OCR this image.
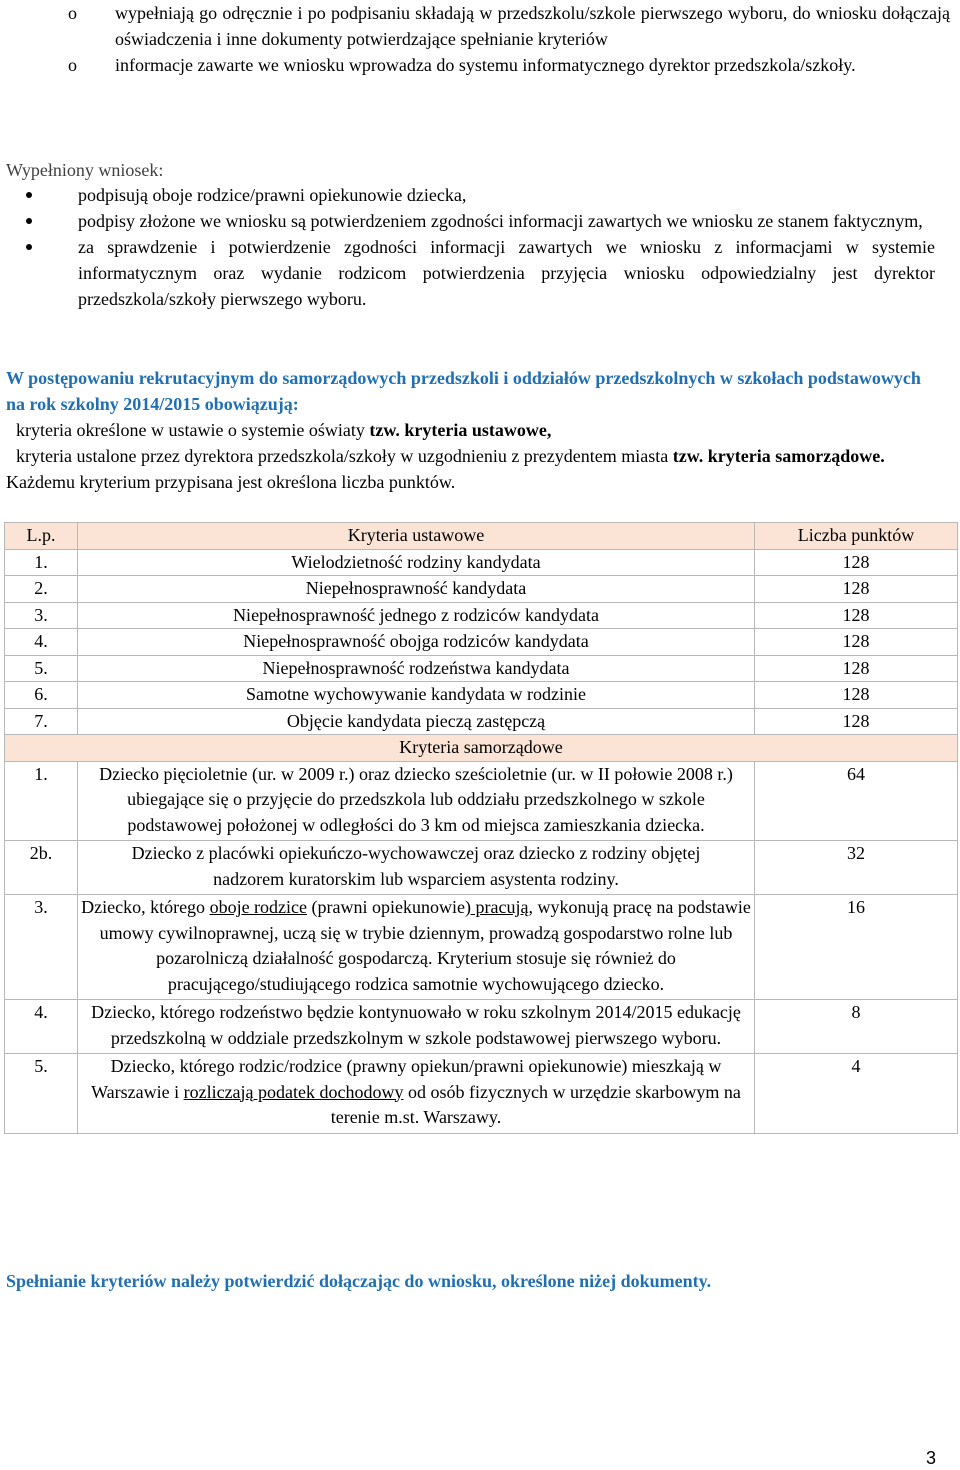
o	wypełniają go odręcznie i po podpisaniu składają w przedszkolu/szkole pierwszego wyboru, do wniosku dołączają oświadczenia i inne dokumenty potwierdzające spełnianie kryteriów
o	informacje zawarte we wniosku wprowadza do systemu informatycznego dyrektor przedszkola/szkoły.
Wypełniony wniosek:
podpisują oboje rodzice/prawni opiekunowie dziecka,
podpisy złożone we wniosku są potwierdzeniem zgodności informacji zawartych we wniosku ze stanem faktycznym,
za sprawdzenie i potwierdzenie zgodności informacji zawartych we wniosku z informacjami w systemie informatycznym oraz wydanie rodzicom potwierdzenia przyjęcia wniosku odpowiedzialny jest dyrektor przedszkola/szkoły pierwszego wyboru.
W postępowaniu rekrutacyjnym do samorządowych przedszkoli i oddziałów przedszkolnych w szkołach podstawowych na rok szkolny 2014/2015 obowiązują:
kryteria określone w ustawie o systemie oświaty tzw. kryteria ustawowe,
kryteria ustalone przez dyrektora przedszkola/szkoły w uzgodnieniu z prezydentem miasta tzw. kryteria samorządowe. Każdemu kryterium przypisana jest określona liczba punktów.
L.p.	Kryteria ustawowe	Liczba punktów
1.	Wielodzietność rodziny kandydata	128
2.	Niepełnosprawność kandydata	128
3.	Niepełnosprawność jednego z rodziców kandydata	128
4.	Niepełnosprawność obojga rodziców kandydata	128
5.	Niepełnosprawność rodzeństwa kandydata	128
6.	Samotne wychowywanie kandydata w rodzinie	128
7.	Objęcie kandydata pieczą zastępczą	128
Kryteria samorządowe		
1.	Dziecko pięcioletnie (ur. w 2009 r.) oraz dziecko sześcioletnie (ur. w II połowie 2008 r.) ubiegające się o przyjęcie do przedszkola lub oddziału przedszkolnego w szkole podstawowej położonej w odległości do 3 km od miejsca zamieszkania dziecka.	64
2b.	Dziecko z placówki opiekuńczo-wychowawczej oraz dziecko z rodziny objętej nadzorem kuratorskim lub wsparciem asystenta rodziny.	32
3.	Dziecko, którego oboje rodzice (prawni opiekunowie) pracują, wykonują pracę na podstawie umowy cywilnoprawnej, uczą się w trybie dziennym, prowadzą gospodarstwo rolne lub pozarolniczą działalność gospodarczą. Kryterium stosuje się również do pracującego/studiującego rodzica samotnie wychowującego dziecko.	16
4.	Dziecko, którego rodzeństwo będzie kontynuowało w roku szkolnym 2014/2015 edukację przedszkolną w oddziale przedszkolnym w szkole podstawowej pierwszego wyboru.	8
5.	Dziecko, którego rodzic/rodzice (prawny opiekun/prawni opiekunowie) mieszkają w Warszawie i rozliczają podatek dochodowy od osób fizycznych w urzędzie skarbowym na terenie m.st. Warszawy.	4
Spełnianie kryteriów należy potwierdzić dołączając do wniosku, określone niżej dokumenty.
3
